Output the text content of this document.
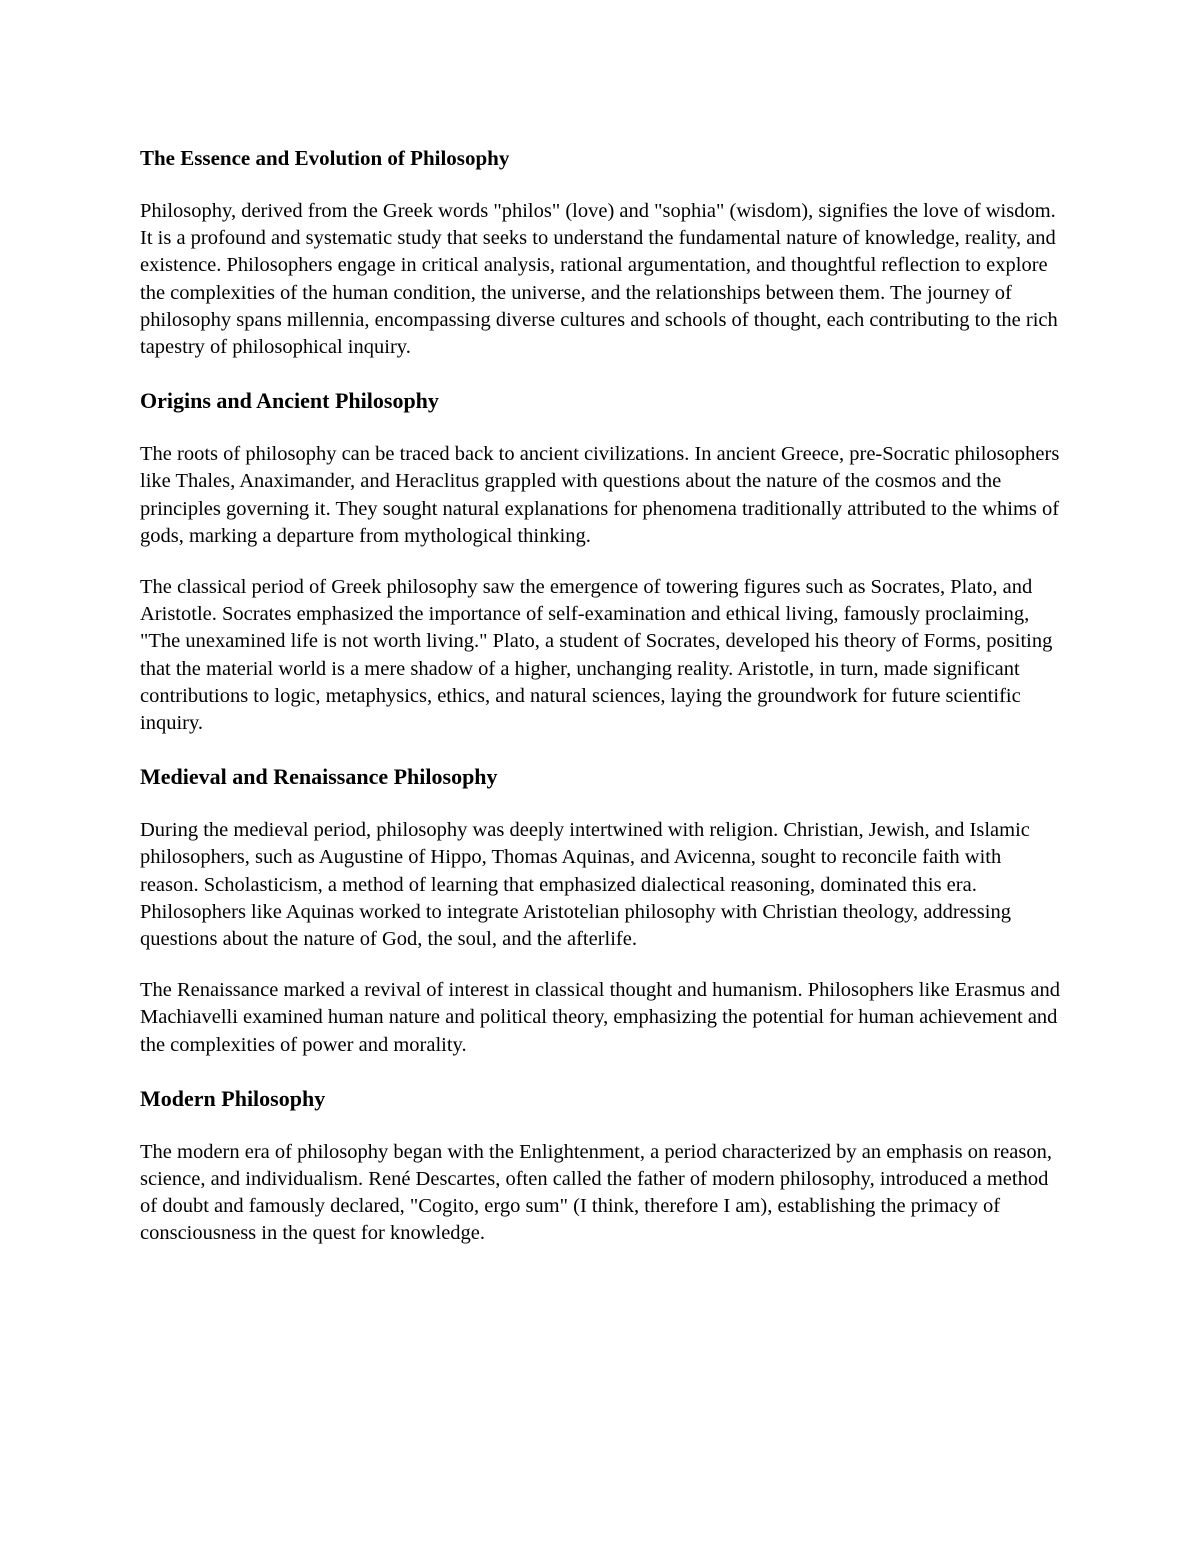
The Essence and Evolution of Philosophy

Philosophy, derived from the Greek words "philos" (love) and "sophia" (wisdom), signifies the love of wisdom. It is a profound and systematic study that seeks to understand the fundamental nature of knowledge, reality, and existence. Philosophers engage in critical analysis, rational argumentation, and thoughtful reflection to explore the complexities of the human condition, the universe, and the relationships between them. The journey of philosophy spans millennia, encompassing diverse cultures and schools of thought, each contributing to the rich tapestry of philosophical inquiry.

Origins and Ancient Philosophy

The roots of philosophy can be traced back to ancient civilizations. In ancient Greece, pre-Socratic philosophers like Thales, Anaximander, and Heraclitus grappled with questions about the nature of the cosmos and the principles governing it. They sought natural explanations for phenomena traditionally attributed to the whims of gods, marking a departure from mythological thinking.

The classical period of Greek philosophy saw the emergence of towering figures such as Socrates, Plato, and Aristotle. Socrates emphasized the importance of self-examination and ethical living, famously proclaiming, "The unexamined life is not worth living." Plato, a student of Socrates, developed his theory of Forms, positing that the material world is a mere shadow of a higher, unchanging reality. Aristotle, in turn, made significant contributions to logic, metaphysics, ethics, and natural sciences, laying the groundwork for future scientific inquiry.

Medieval and Renaissance Philosophy

During the medieval period, philosophy was deeply intertwined with religion. Christian, Jewish, and Islamic philosophers, such as Augustine of Hippo, Thomas Aquinas, and Avicenna, sought to reconcile faith with reason. Scholasticism, a method of learning that emphasized dialectical reasoning, dominated this era. Philosophers like Aquinas worked to integrate Aristotelian philosophy with Christian theology, addressing questions about the nature of God, the soul, and the afterlife.

The Renaissance marked a revival of interest in classical thought and humanism. Philosophers like Erasmus and Machiavelli examined human nature and political theory, emphasizing the potential for human achievement and the complexities of power and morality.

Modern Philosophy

The modern era of philosophy began with the Enlightenment, a period characterized by an emphasis on reason, science, and individualism. René Descartes, often called the father of modern philosophy, introduced a method of doubt and famously declared, "Cogito, ergo sum" (I think, therefore I am), establishing the primacy of consciousness in the quest for knowledge.
